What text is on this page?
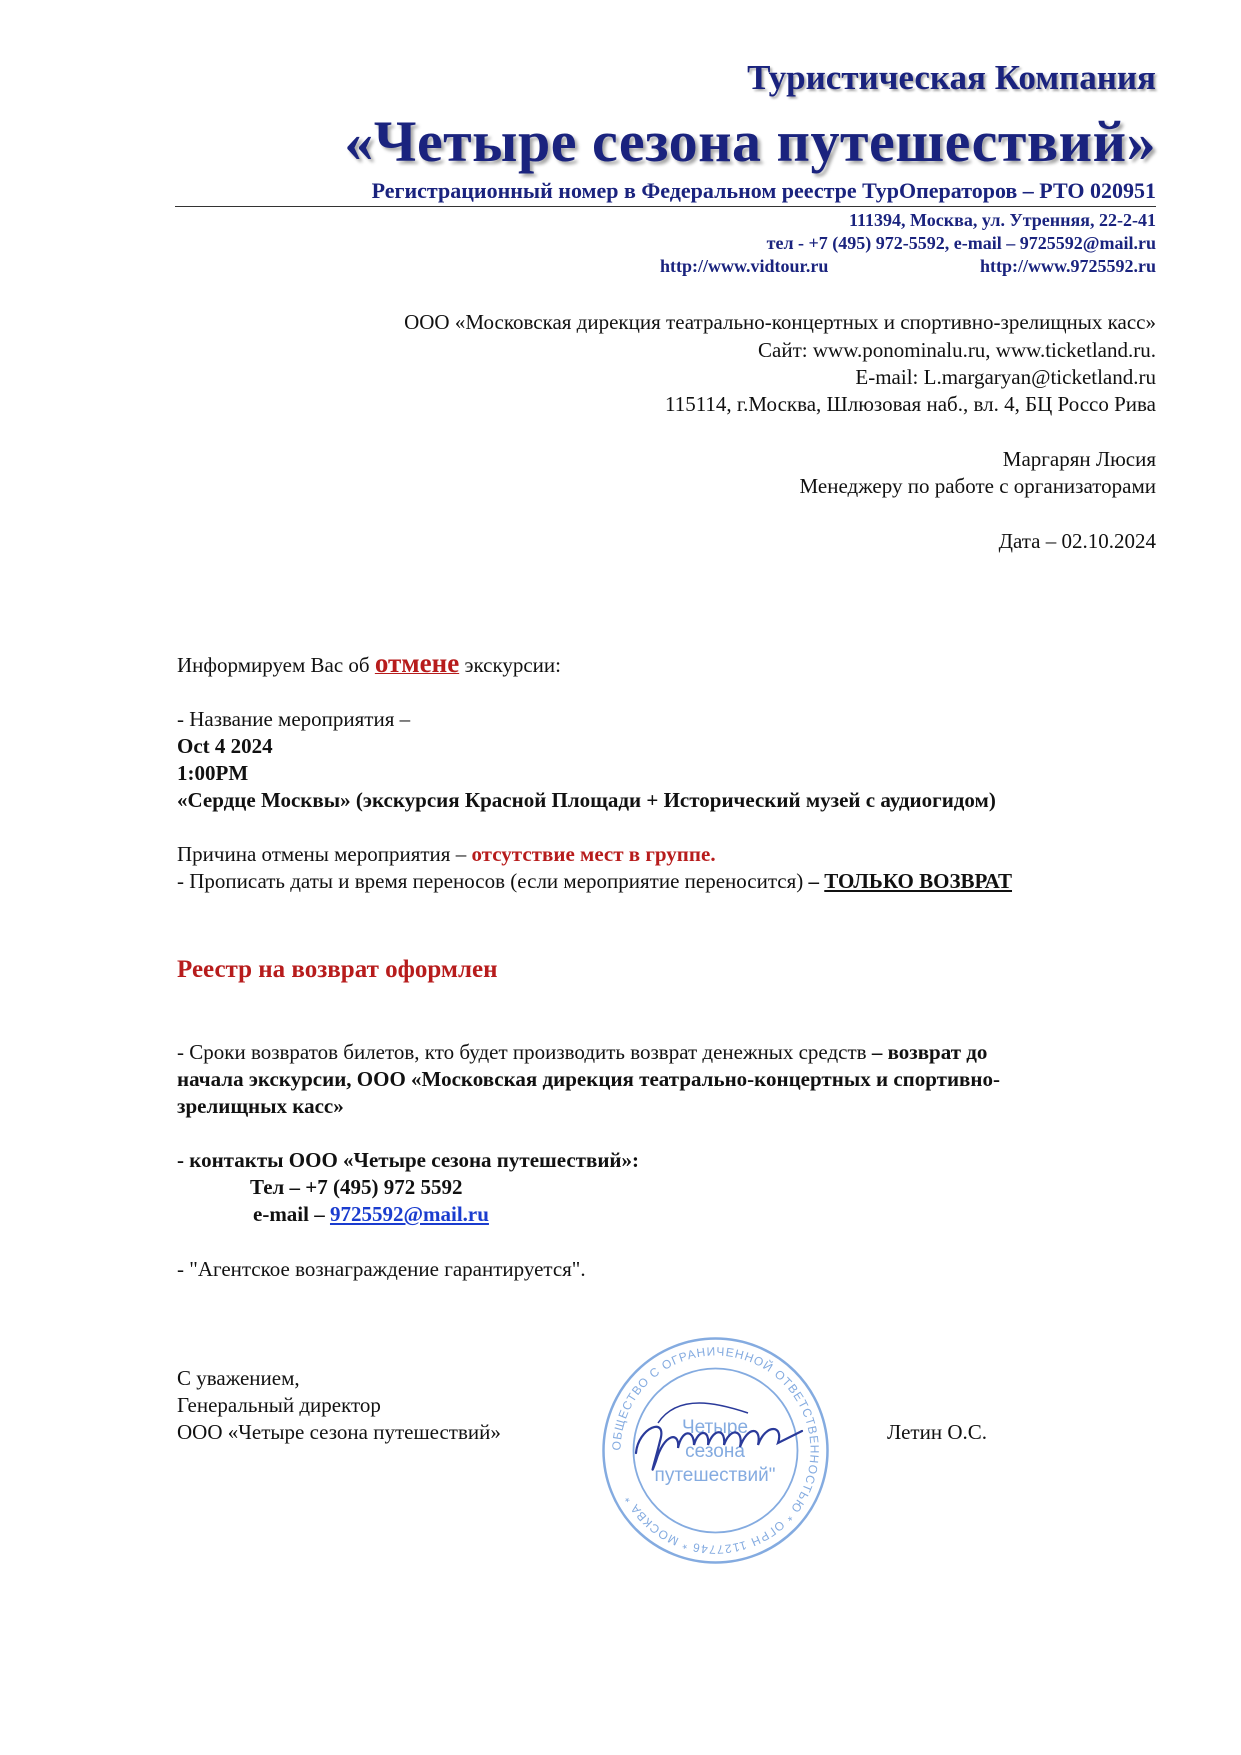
Туристическая Компания
«Четыре сезона путешествий»
Регистрационный номер в Федеральном реестре ТурОператоров – РТО 020951
111394, Москва, ул. Утренняя, 22-2-41
тел - +7 (495) 972-5592, e-mail – 9725592@mail.ru
http://www.vidtour.ru	http://www.9725592.ru
ООО «Московская дирекция театрально-концертных и спортивно-зрелищных касс»
Сайт: www.ponominalu.ru, www.ticketland.ru.
E-mail: L.margaryan@ticketland.ru
115114, г.Москва, Шлюзовая наб., вл. 4, БЦ Россо Рива
Маргарян Люсия
Менеджеру по работе с организаторами
Дата – 02.10.2024
Информируем Вас об отмене экскурсии:
- Название мероприятия –
Oct 4 2024
1:00PM
«Сердце Москвы» (экскурсия Красной Площади + Исторический музей с аудиогидом)
Причина отмены мероприятия – отсутствие мест в группе.
- Прописать даты и время переносов (если мероприятие переносится) – ТОЛЬКО ВОЗВРАТ
Реестр на возврат оформлен
- Сроки возвратов билетов, кто будет производить возврат денежных средств – возврат до
начала экскурсии, ООО «Московская дирекция театрально-концертных и спортивно-
зрелищных касс»
- контакты ООО «Четыре сезона путешествий»:
Тел – +7 (495) 972 5592
e-mail – 9725592@mail.ru
- "Агентское вознаграждение гарантируется".
С уважением,
Генеральный директор
ООО «Четыре сезона путешествий»	Летин О.С.
ОБЩЕСТВО С ОГРАНИЧЕННОЙ ОТВЕТСТВЕННОСТЬЮ * ОГРН 1127746 * МОСКВА *
Четыре
сезона
путешествий"
